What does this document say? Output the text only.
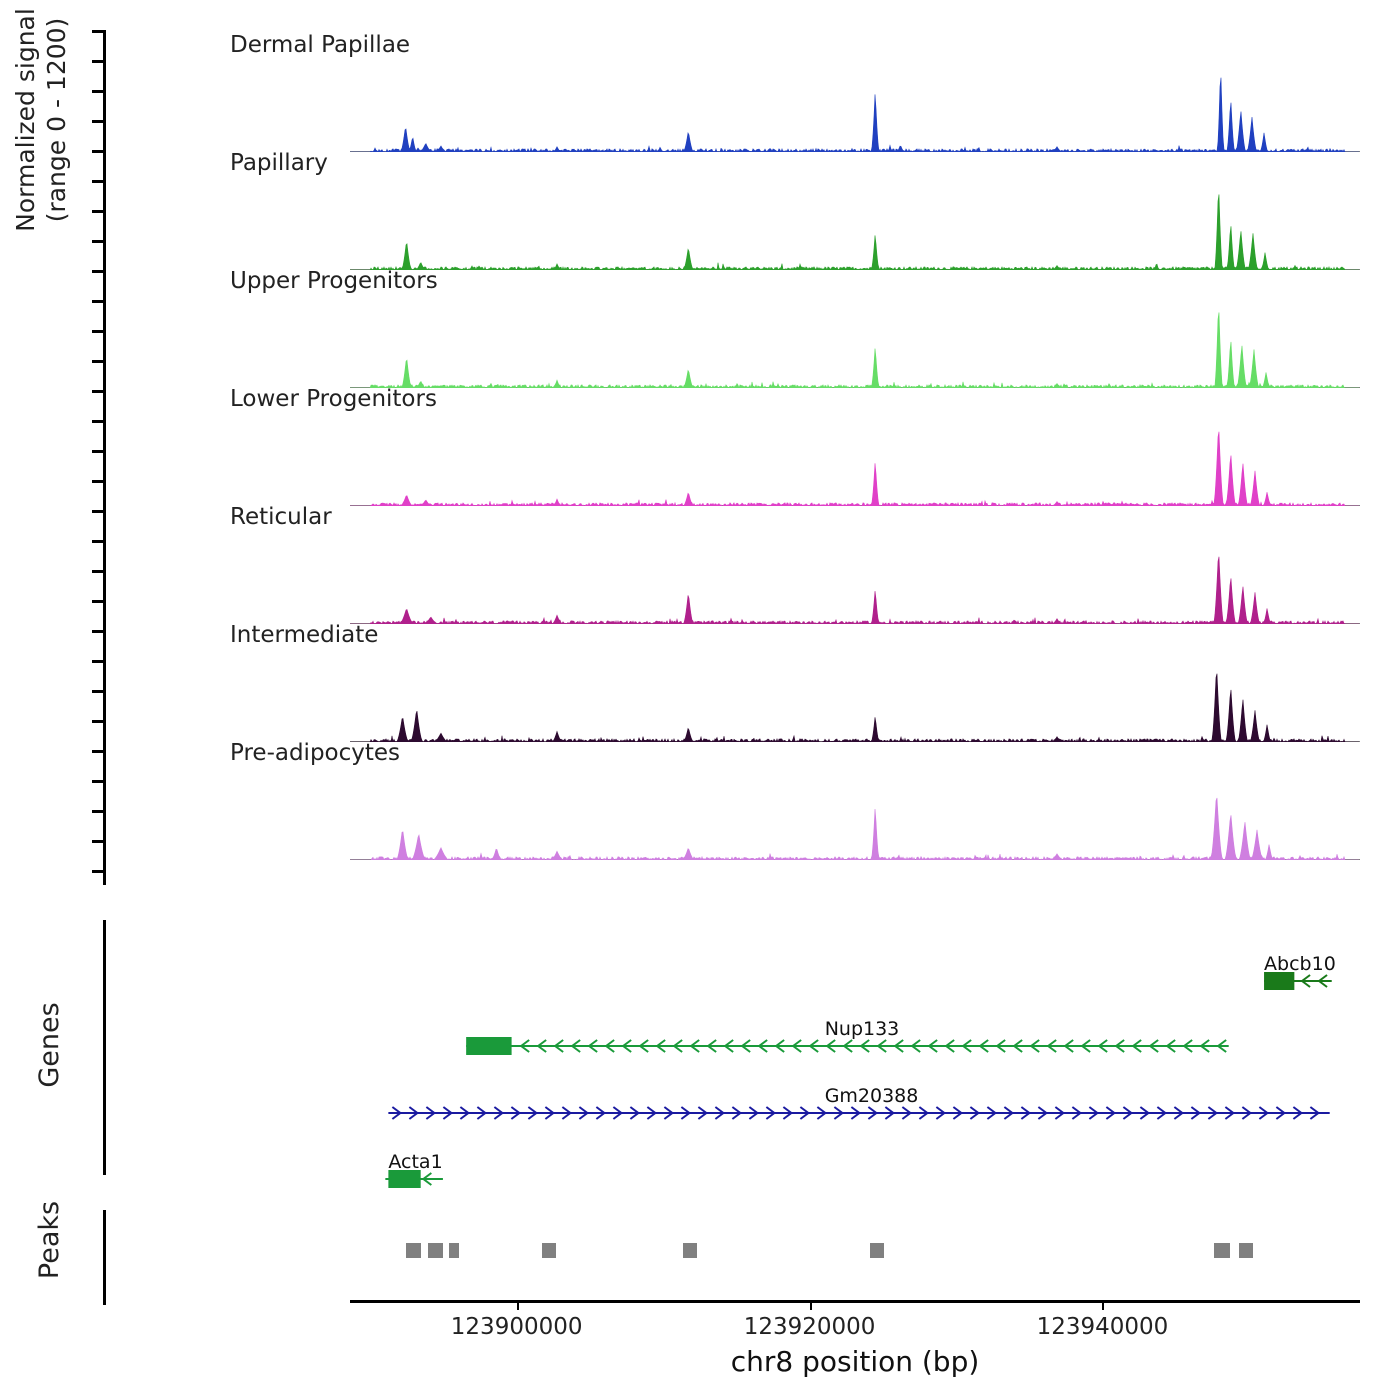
Normalized signal (range 0 - 1200)
Genes
Peaks
Dermal Papillae
Papillary
Upper Progenitors
Lower Progenitors
Reticular
Intermediate
Pre-adipocytes
Abcb10
Nup133
Gm20388
Acta1
123900000	123920000	123940000
chr8 position (bp)
